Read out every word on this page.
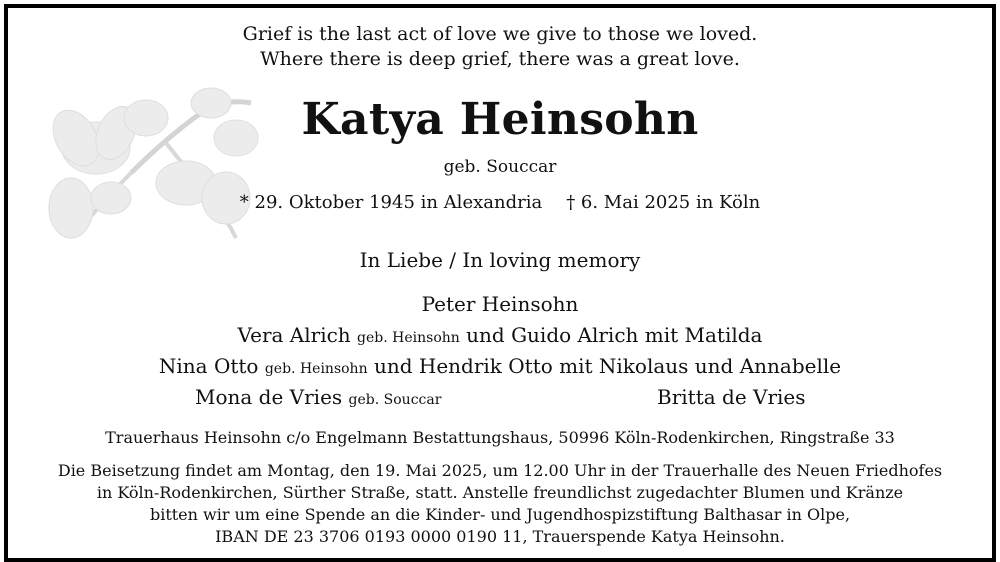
Grief is the last act of love we give to those we loved.
Where there is deep grief, there was a great love.
Katya Heinsohn
geb. Souccar
* 29. Oktober 1945 in Alexandria † 6. Mai 2025 in Köln
In Liebe / In loving memory
Peter Heinsohn
Vera Alrich geb. Heinsohn und Guido Alrich mit Matilda
Nina Otto geb. Heinsohn und Hendrik Otto mit Nikolaus und Annabelle
Mona de Vries geb. Souccar	Britta de Vries
Trauerhaus Heinsohn c/o Engelmann Bestattungshaus, 50996 Köln-Rodenkirchen, Ringstraße 33
Die Beisetzung findet am Montag, den 19. Mai 2025, um 12.00 Uhr in der Trauerhalle des Neuen Friedhofes
in Köln-Rodenkirchen, Sürther Straße, statt. Anstelle freundlichst zugedachter Blumen und Kränze
bitten wir um eine Spende an die Kinder- und Jugendhospizstiftung Balthasar in Olpe,
IBAN DE 23 3706 0193 0000 0190 11, Trauerspende Katya Heinsohn.
